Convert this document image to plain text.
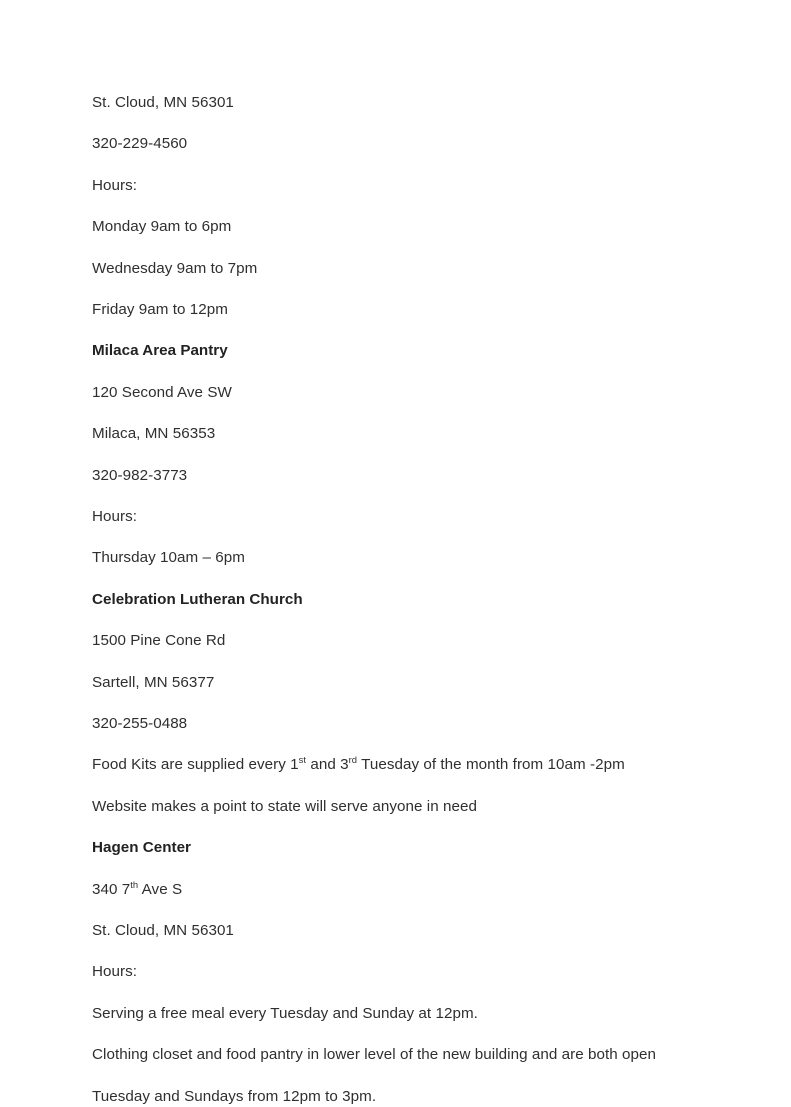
St. Cloud, MN 56301

320-229-4560

Hours:

Monday 9am to 6pm

Wednesday 9am to 7pm

Friday 9am to 12pm

Milaca Area Pantry

120 Second Ave SW

Milaca, MN 56353

320-982-3773

Hours:

Thursday 10am – 6pm

Celebration Lutheran Church

1500 Pine Cone Rd

Sartell, MN 56377

320-255-0488

Food Kits are supplied every 1st and 3rd Tuesday of the month from 10am -2pm

Website makes a point to state will serve anyone in need

Hagen Center

340 7th Ave S

St. Cloud, MN 56301

Hours:

Serving a free meal every Tuesday and Sunday at 12pm.

Clothing closet and food pantry in lower level of the new building and are both open

Tuesday and Sundays from 12pm to 3pm.
